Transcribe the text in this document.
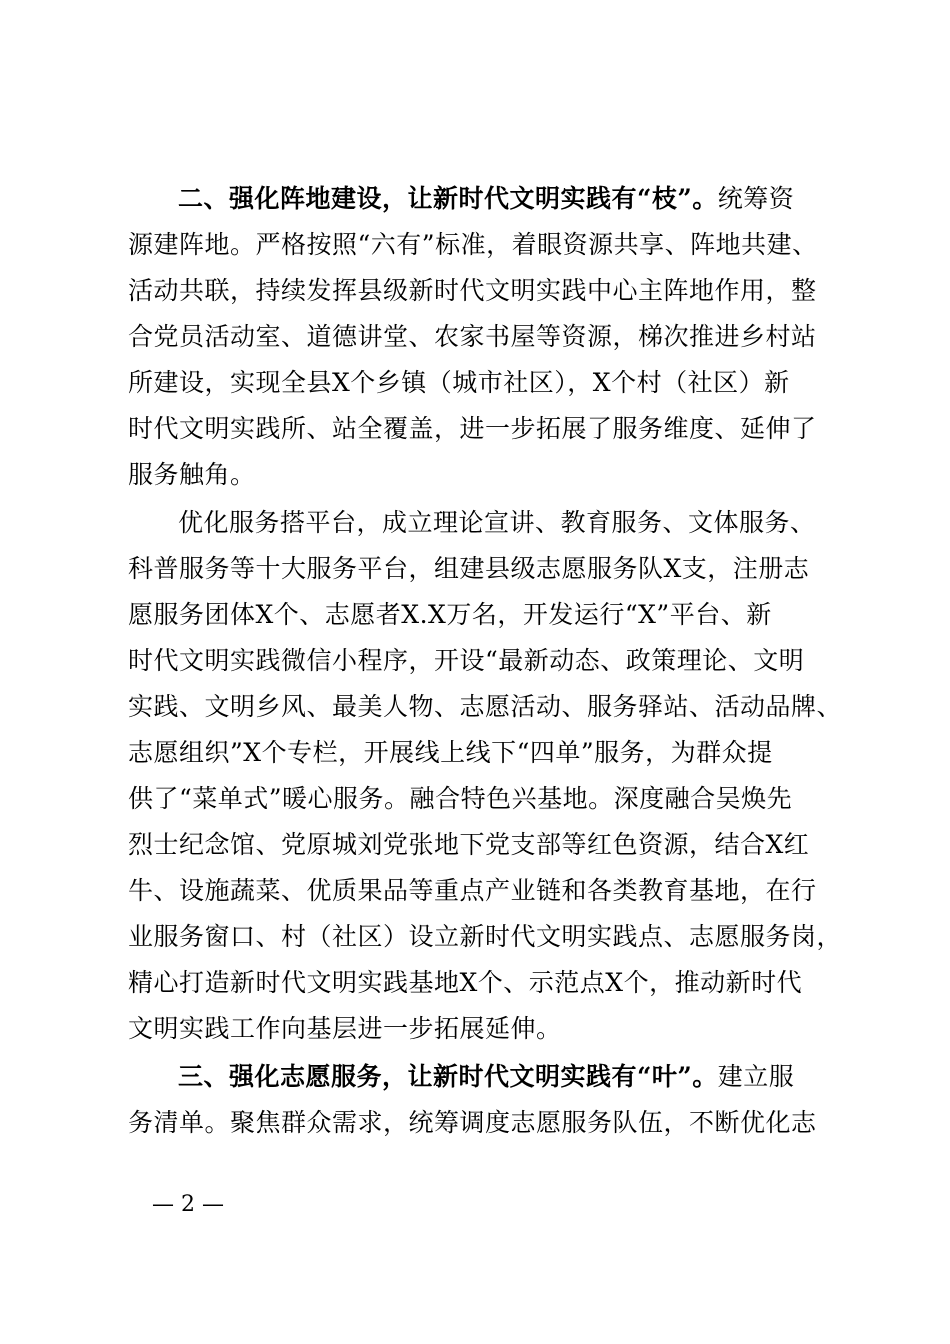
二、强化阵地建设，让新时代文明实践有“枝”。统筹资
源建阵地。严格按照“六有”标准，着眼资源共享、阵地共建、
活动共联，持续发挥县级新时代文明实践中心主阵地作用，整
合党员活动室、道德讲堂、农家书屋等资源，梯次推进乡村站
所建设，实现全县X个乡镇（城市社区），X个村（社区）新
时代文明实践所、站全覆盖，进一步拓展了服务维度、延伸了
服务触角。
优化服务搭平台，成立理论宣讲、教育服务、文体服务、
科普服务等十大服务平台，组建县级志愿服务队X支，注册志
愿服务团体X个、志愿者X.X万名，开发运行“X”平台、新
时代文明实践微信小程序，开设“最新动态、政策理论、文明
实践、文明乡风、最美人物、志愿活动、服务驿站、活动品牌、
志愿组织”X个专栏，开展线上线下“四单”服务，为群众提
供了“菜单式”暖心服务。融合特色兴基地。深度融合吴焕先
烈士纪念馆、党原城刘党张地下党支部等红色资源，结合X红
牛、设施蔬菜、优质果品等重点产业链和各类教育基地，在行
业服务窗口、村（社区）设立新时代文明实践点、志愿服务岗，
精心打造新时代文明实践基地X个、示范点X个，推动新时代
文明实践工作向基层进一步拓展延伸。
三、强化志愿服务，让新时代文明实践有“叶”。建立服
务清单。聚焦群众需求，统筹调度志愿服务队伍，不断优化志
— 2 —
